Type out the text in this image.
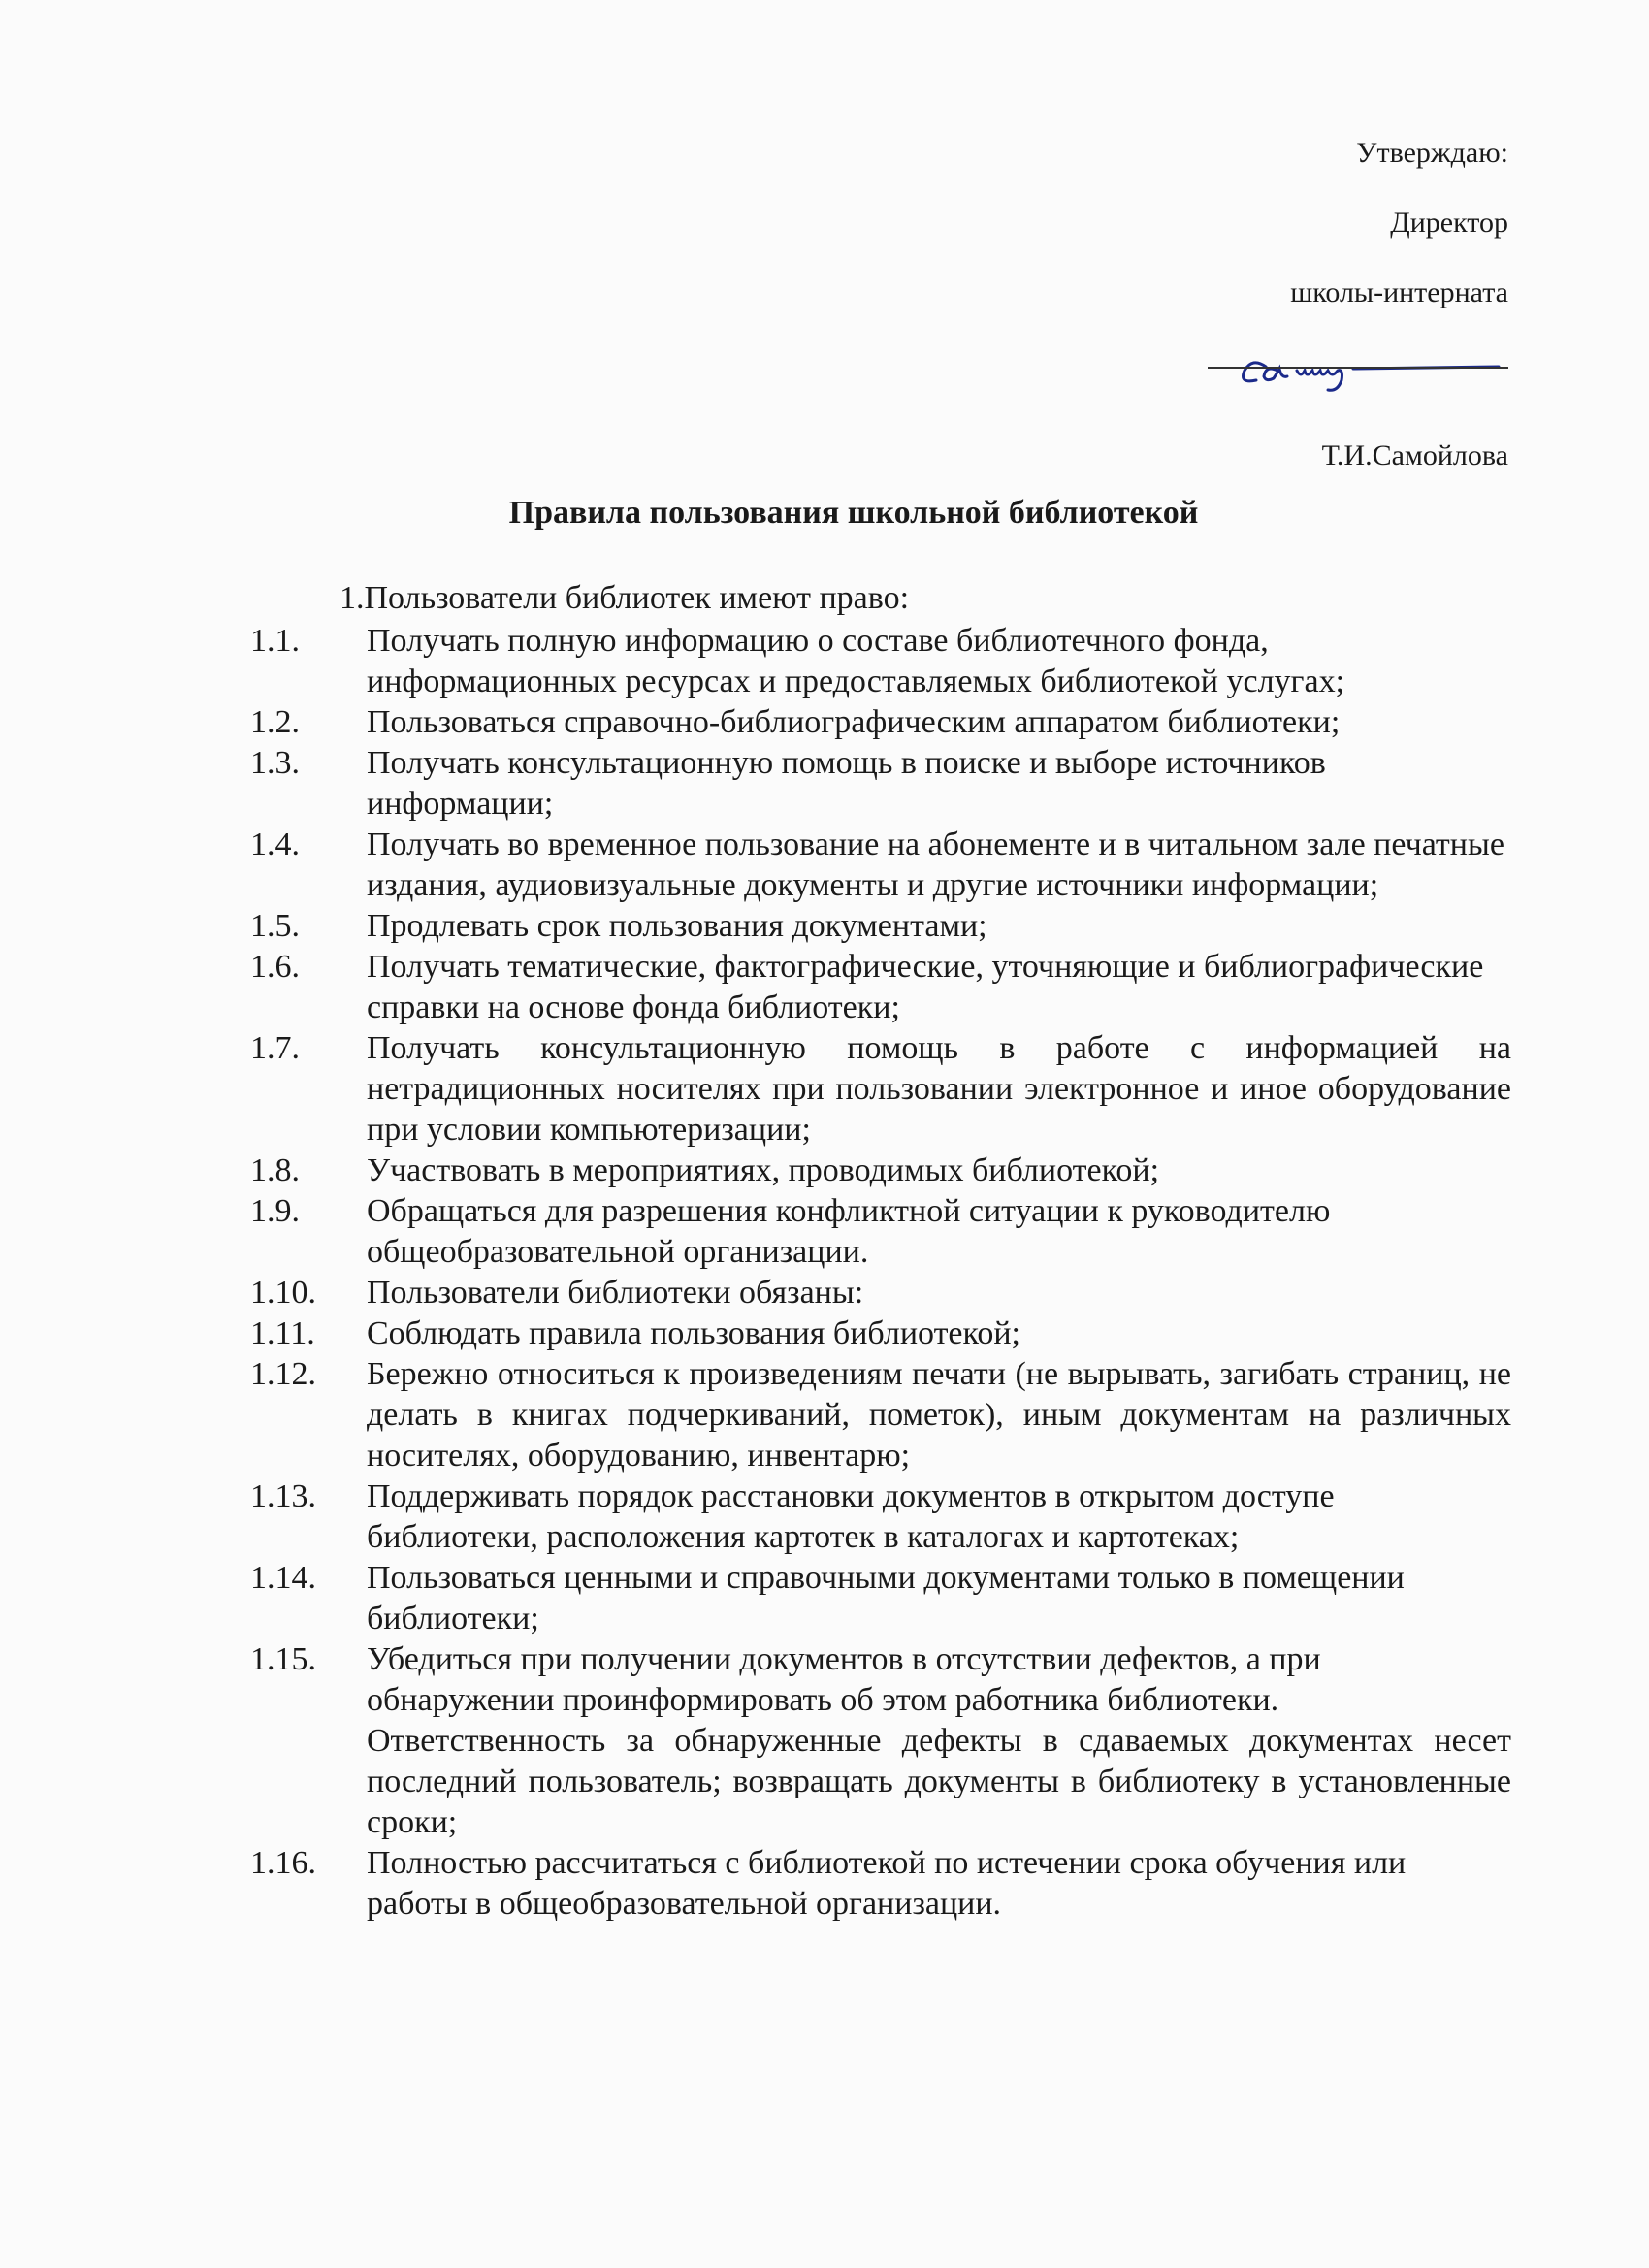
Утверждаю:
Директор
школы-интерната
Т.И.Самойлова
Правила пользования школьной библиотекой
1.Пользователи библиотек имеют право:
1.1.	Получать полную информацию о составе библиотечного фонда, информационных ресурсах и предоставляемых библиотекой услугах;
1.2.	Пользоваться справочно-библиографическим аппаратом библиотеки;
1.3.	Получать консультационную помощь в поиске и выборе источников информации;
1.4.	Получать во временное пользование на абонементе и в читальном зале печатные издания, аудиовизуальные документы и другие источники информации;
1.5.	Продлевать срок пользования документами;
1.6.	Получать тематические, фактографические, уточняющие и библиографические справки на основе фонда библиотеки;
1.7.	Получать консультационную помощь в работе с информацией на нетрадиционных носителях при пользовании электронное и иное оборудование при условии компьютеризации;
1.8.	Участвовать в мероприятиях, проводимых библиотекой;
1.9.	Обращаться для разрешения конфликтной ситуации к руководителю общеобразовательной организации.
1.10.	Пользователи библиотеки обязаны:
1.11.	Соблюдать правила пользования библиотекой;
1.12.	Бережно относиться к произведениям печати (не вырывать, загибать страниц, не делать в книгах подчеркиваний, пометок), иным документам на различных носителях, оборудованию, инвентарю;
1.13.	Поддерживать порядок расстановки документов в открытом доступе библиотеки, расположения картотек в каталогах и картотеках;
1.14.	Пользоваться ценными и справочными документами только в помещении библиотеки;
1.15.	Убедиться при получении документов в отсутствии дефектов, а при обнаружении проинформировать об этом работника библиотеки.
Ответственность за обнаруженные дефекты в сдаваемых документах несет последний пользователь; возвращать документы в библиотеку в установленные сроки;
1.16.	Полностью рассчитаться с библиотекой по истечении срока обучения или работы в общеобразовательной организации.
